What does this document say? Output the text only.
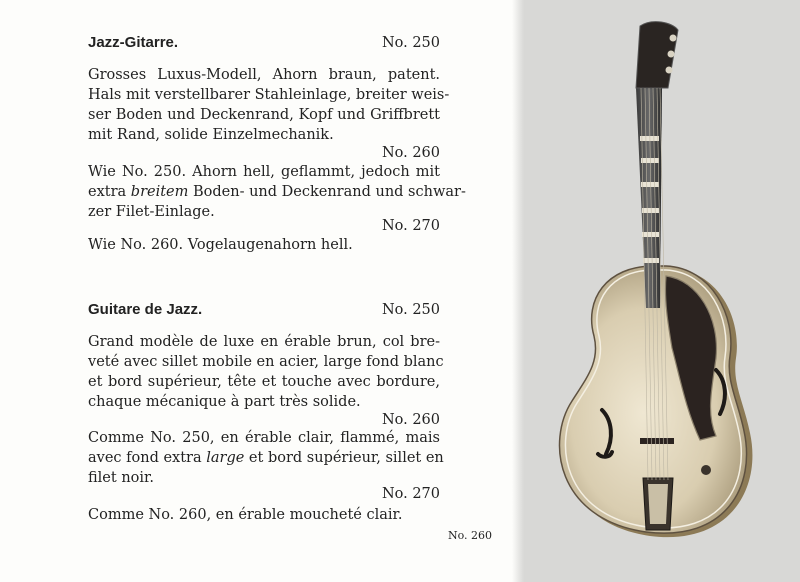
Jazz-Gitarre.	No. 250
Grosses Luxus-Modell, Ahorn braun, patent.
Hals mit verstellbarer Stahleinlage, breiter weis-
ser Boden und Deckenrand, Kopf und Griffbrett
mit Rand, solide Einzelmechanik.
No. 260
Wie No. 250. Ahorn hell, geflammt, jedoch mit
extra breitem Boden- und Deckenrand und schwar-
zer Filet-Einlage.
No. 270
Wie No. 260. Vogelaugenahorn hell.
Guitare de Jazz.	No. 250
Grand modèle de luxe en érable brun, col bre-
veté avec sillet mobile en acier, large fond blanc
et bord supérieur, tête et touche avec bordure,
chaque mécanique à part très solide.
No. 260
Comme No. 250, en érable clair, flammé, mais
avec fond extra large et bord supérieur, sillet en
filet noir.
No. 270
Comme No. 260, en érable moucheté clair.
No. 260
